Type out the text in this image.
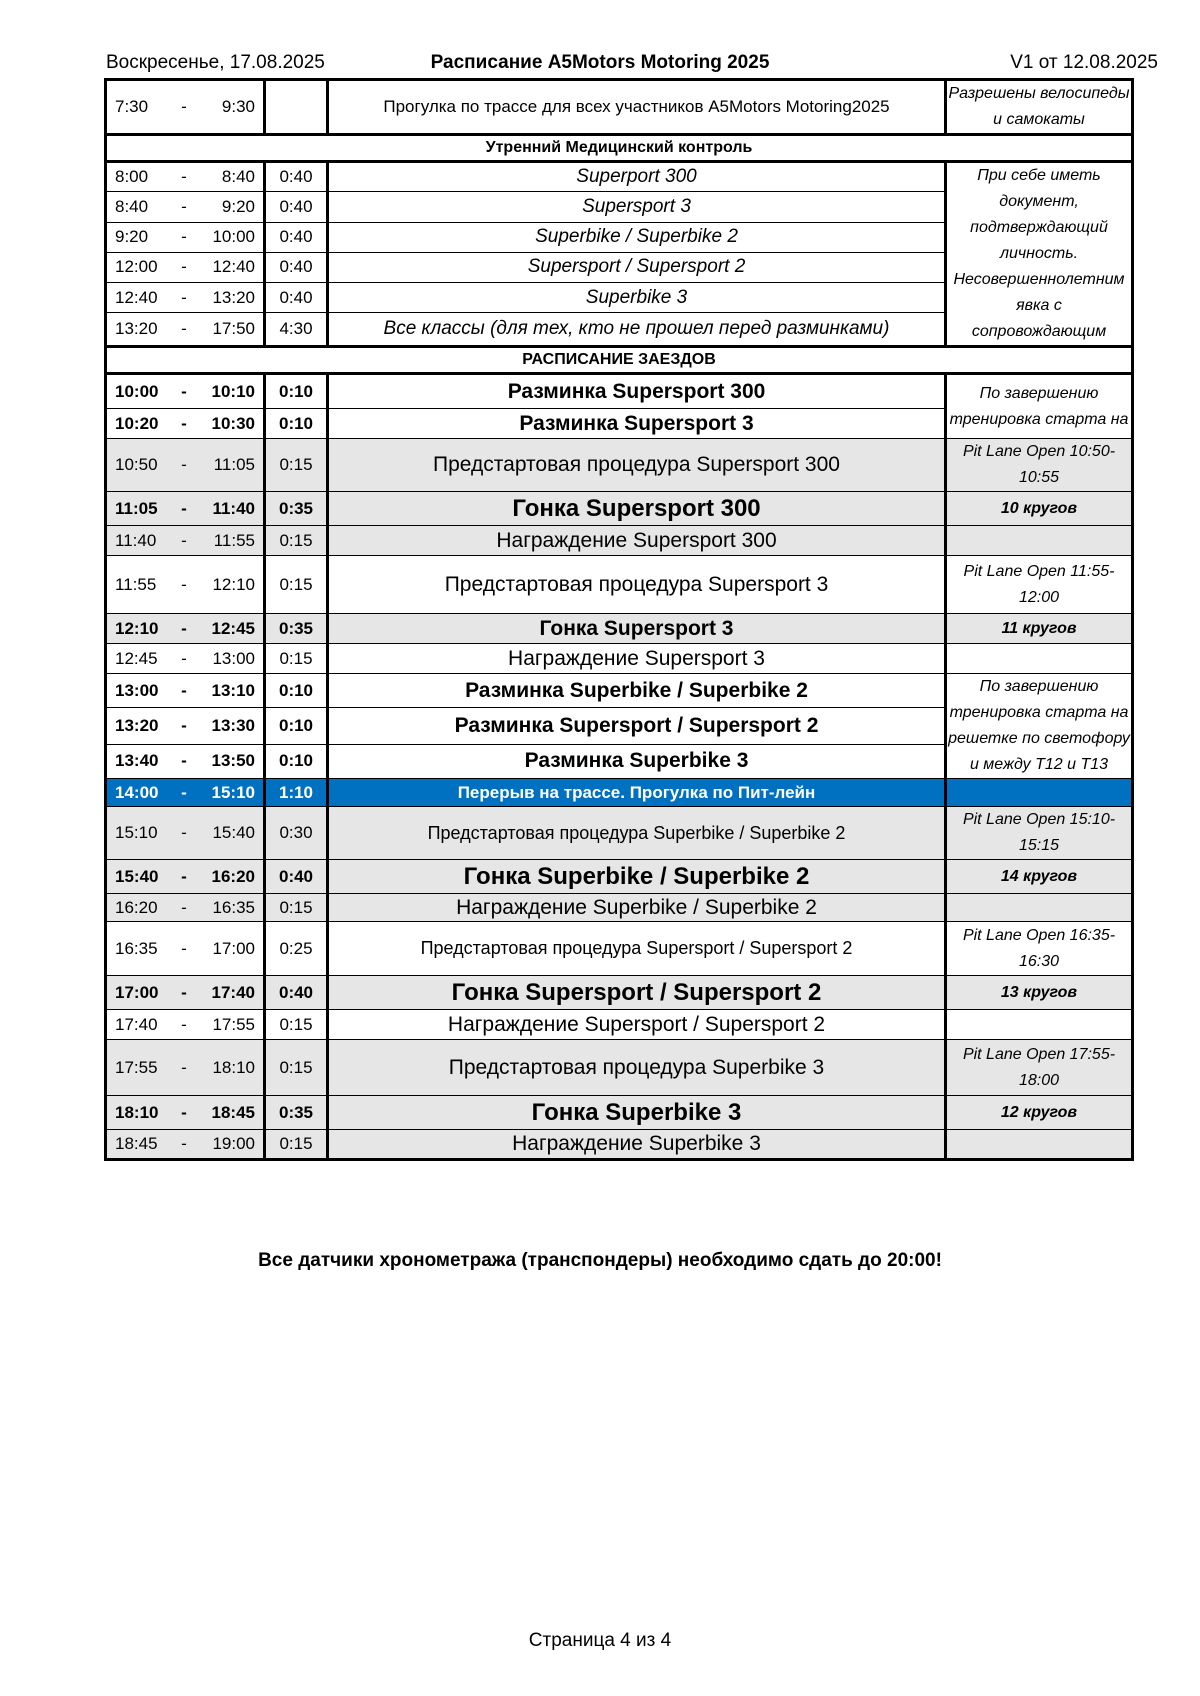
Воскресенье, 17.08.2025	Расписание A5Motors Motoring 2025	V1 от 12.08.2025
7:30	-	9:30		Прогулка по трассе для всех участников A5Motors Motoring2025	Разрешены велосипеды и самокаты
Утренний Медицинский контроль					
8:00	-	8:40	0:40	Superport 300	При себе иметь документ, подтверждающий личность. Несовершеннолетним явка с сопровождающим
8:40	-	9:20	0:40	Supersport 3	
9:20	-	10:00	0:40	Superbike / Superbike 2	
12:00	-	12:40	0:40	Supersport / Supersport 2	
12:40	-	13:20	0:40	Superbike 3	
13:20	-	17:50	4:30	Все классы (для тех, кто не прошел перед разминками)	
РАСПИСАНИЕ ЗАЕЗДОВ					
10:00	-	10:10	0:10	Разминка Supersport 300	По завершению тренировка старта на
10:20	-	10:30	0:10	Разминка Supersport 3	
10:50	-	11:05	0:15	Предстартовая процедура Supersport 300	Pit Lane Open 10:50-10:55
11:05	-	11:40	0:35	Гонка Supersport 300	10 кругов
11:40	-	11:55	0:15	Награждение Supersport 300	
11:55	-	12:10	0:15	Предстартовая процедура Supersport 3	Pit Lane Open 11:55-12:00
12:10	-	12:45	0:35	Гонка Supersport 3	11 кругов
12:45	-	13:00	0:15	Награждение Supersport 3	
13:00	-	13:10	0:10	Разминка Superbike / Superbike 2	По завершению тренировка старта на решетке по светофору и между Т12 и Т13
13:20	-	13:30	0:10	Разминка Supersport / Supersport 2	
13:40	-	13:50	0:10	Разминка Superbike 3	
14:00	-	15:10	1:10	Перерыв на трассе. Прогулка по Пит-лейн	
15:10	-	15:40	0:30	Предстартовая процедура Superbike / Superbike 2	Pit Lane Open 15:10-15:15
15:40	-	16:20	0:40	Гонка Superbike / Superbike 2	14 кругов
16:20	-	16:35	0:15	Награждение Superbike / Superbike 2	
16:35	-	17:00	0:25	Предстартовая процедура Supersport / Supersport 2	Pit Lane Open 16:35-16:30
17:00	-	17:40	0:40	Гонка Supersport / Supersport 2	13 кругов
17:40	-	17:55	0:15	Награждение Supersport / Supersport 2	
17:55	-	18:10	0:15	Предстартовая процедура Superbike 3	Pit Lane Open 17:55-18:00
18:10	-	18:45	0:35	Гонка Superbike 3	12 кругов
18:45	-	19:00	0:15	Награждение Superbike 3	
Все датчики хронометража (транспондеры) необходимо сдать до 20:00!
Страница 4 из 4
